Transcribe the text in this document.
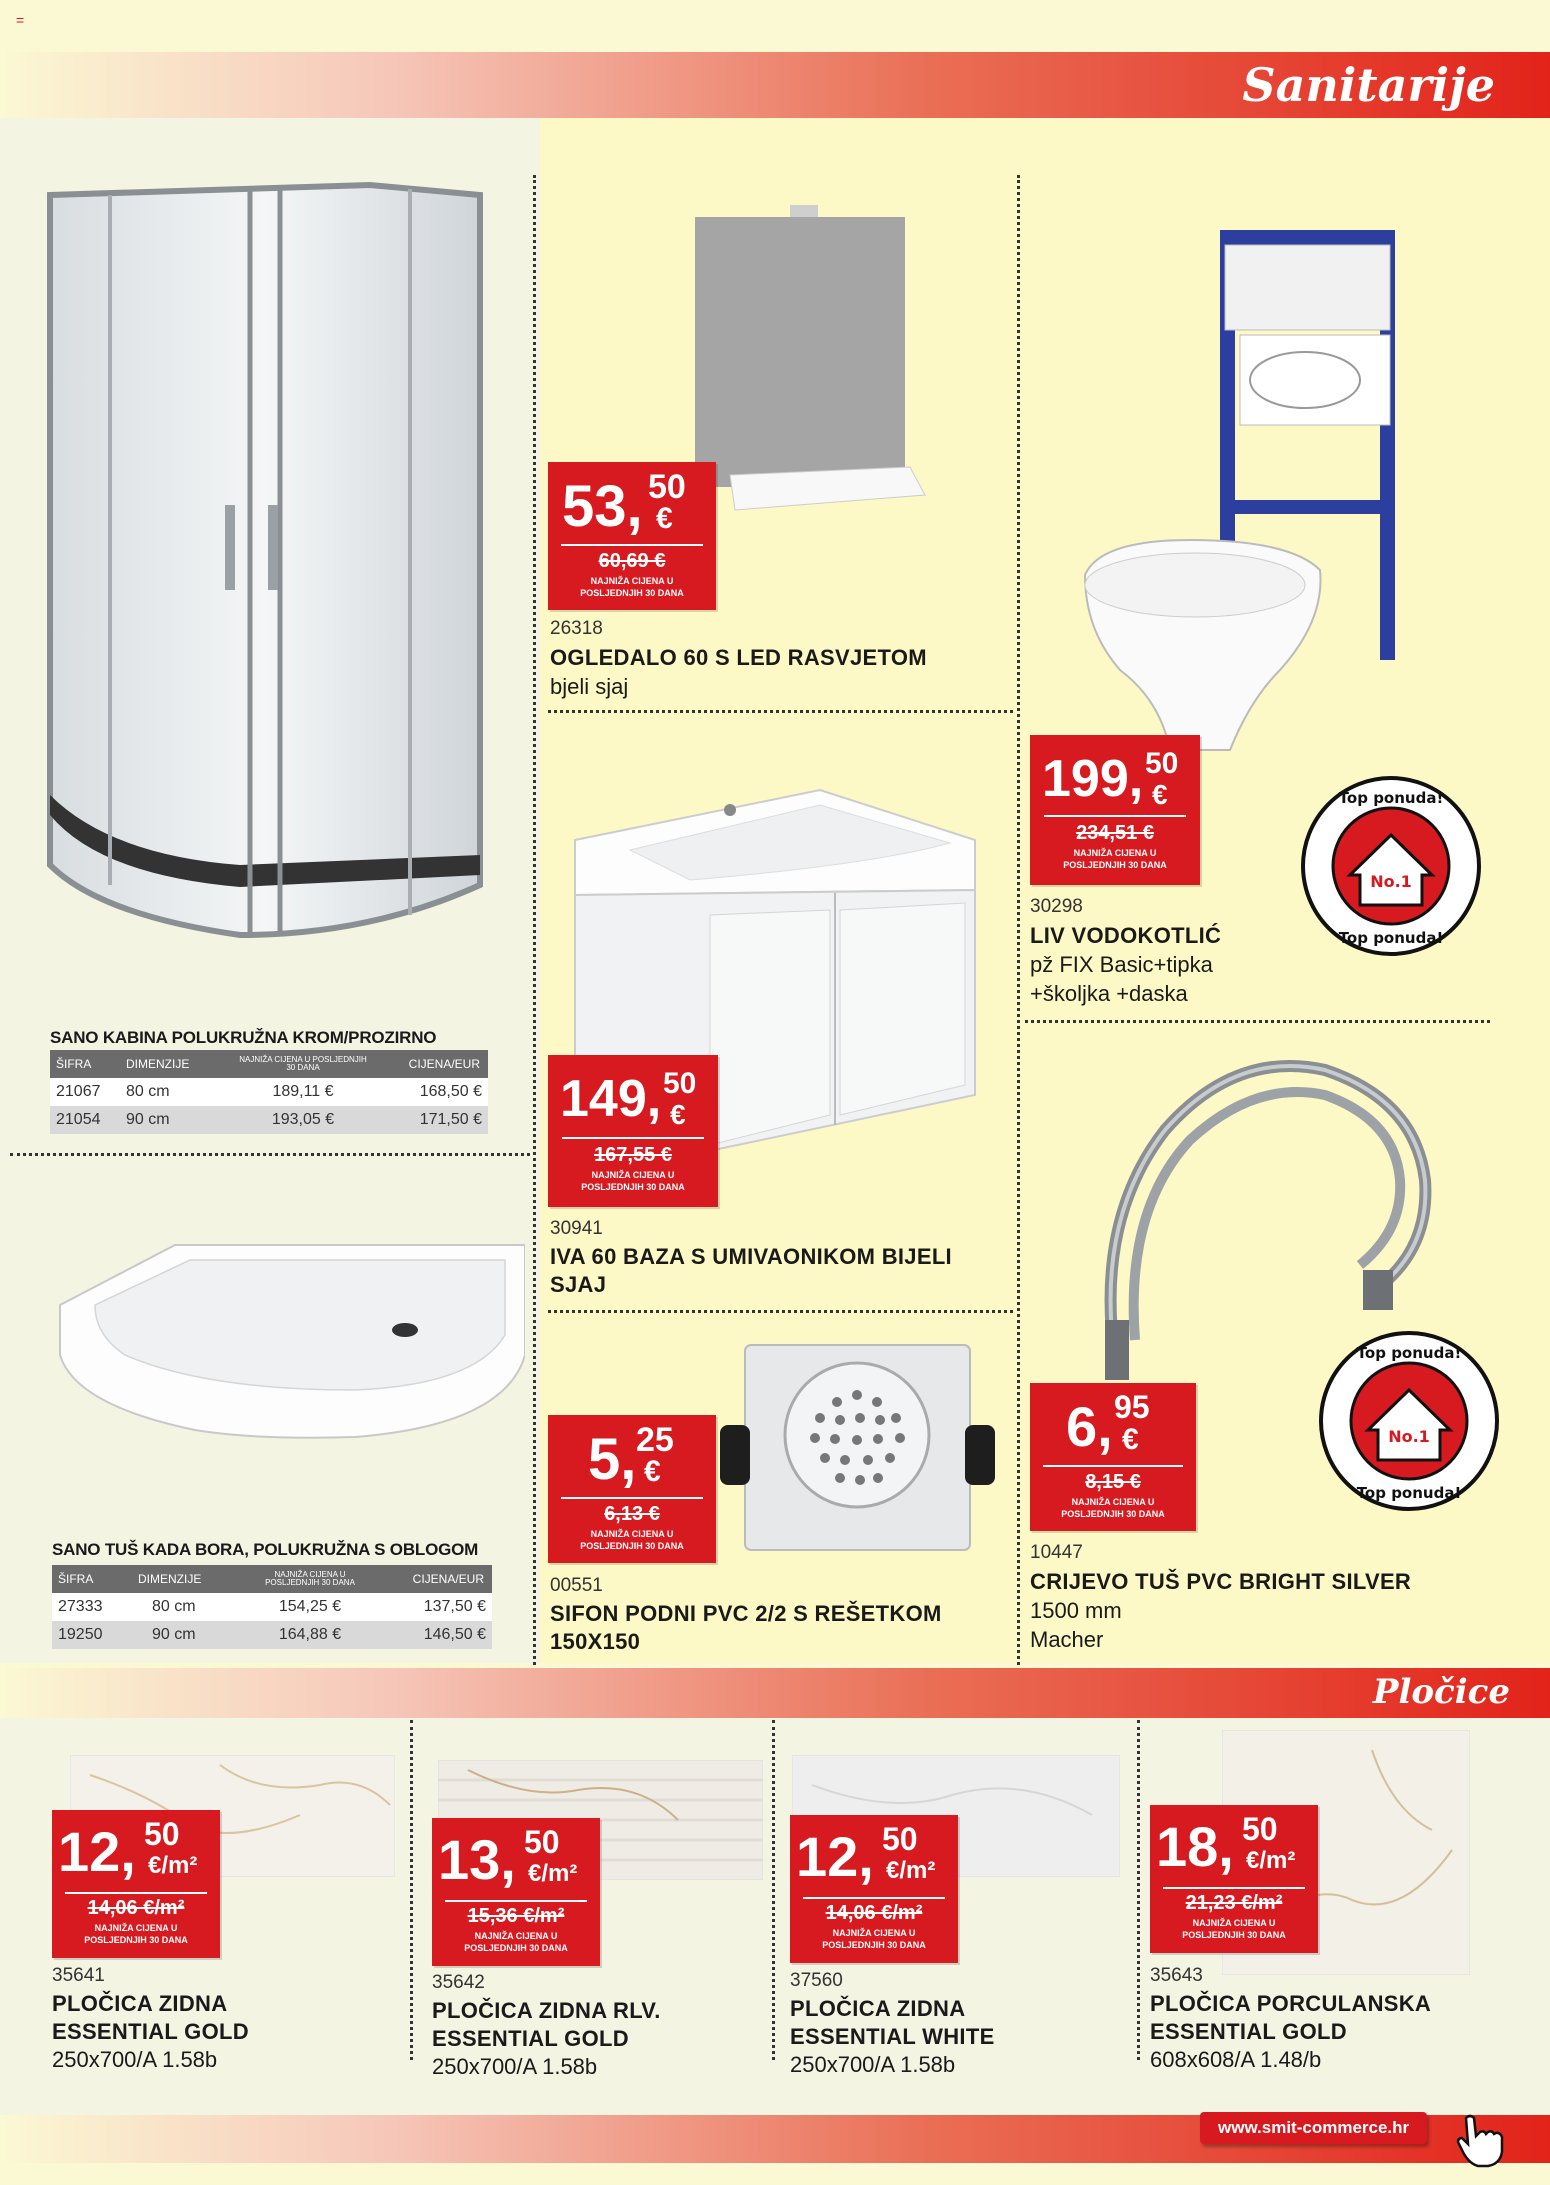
=
Sanitarije
SANO KABINA POLUKRUŽNA KROM/PROZIRNO
ŠIFRA	DIMENZIJE	NAJNIŽA CIJENA U POSLJEDNJIH 30 DANA	CIJENA/EUR
21067	80 cm	189,11 €	168,50 €
21054	90 cm	193,05 €	171,50 €
SANO TUŠ KADA BORA, POLUKRUŽNA S OBLOGOM
ŠIFRA	DIMENZIJE	NAJNIŽA CIJENA U POSLJEDNJIH 30 DANA	CIJENA/EUR
27333	80 cm	154,25 €	137,50 €
19250	90 cm	164,88 €	146,50 €
53, 50
€
60,69 €
NAJNIŽA CIJENA U
POSLJEDNJIH 30 DANA
26318
OGLEDALO 60 S LED RASVJETOM
bjeli sjaj
199, 50
€
234,51 €
NAJNIŽA CIJENA U
POSLJEDNJIH 30 DANA
30298
LIV VODOKOTLIĆ
pž FIX Basic+tipka
+školjka +daska
No.1
Top ponuda!
Top ponuda!
149, 50
€
167,55 €
NAJNIŽA CIJENA U
POSLJEDNJIH 30 DANA
30941
IVA 60 BAZA S UMIVAONIKOM BIJELI
SJAJ
5, 25
€
6,13 €
NAJNIŽA CIJENA U
POSLJEDNJIH 30 DANA
00551
SIFON PODNI PVC 2/2 S REŠETKOM
150X150
6, 95
€
8,15 €
NAJNIŽA CIJENA U
POSLJEDNJIH 30 DANA
10447
CRIJEVO TUŠ PVC BRIGHT SILVER
1500 mm
Macher
No.1
Top ponuda!
Top ponuda!
Pločice
12, 50
€/m²
14,06 €/m²
NAJNIŽA CIJENA U
POSLJEDNJIH 30 DANA
13, 50
€/m²
15,36 €/m²
NAJNIŽA CIJENA U
POSLJEDNJIH 30 DANA
12, 50
€/m²
14,06 €/m²
NAJNIŽA CIJENA U
POSLJEDNJIH 30 DANA
18, 50
€/m²
21,23 €/m²
NAJNIŽA CIJENA U
POSLJEDNJIH 30 DANA
35641
PLOČICA ZIDNA
ESSENTIAL GOLD
250x700/A 1.58b
35642
PLOČICA ZIDNA RLV.
ESSENTIAL GOLD
250x700/A 1.58b
37560
PLOČICA ZIDNA
ESSENTIAL WHITE
250x700/A 1.58b
35643
PLOČICA PORCULANSKA
ESSENTIAL GOLD
608x608/A 1.48/b
www.smit-commerce.hr
